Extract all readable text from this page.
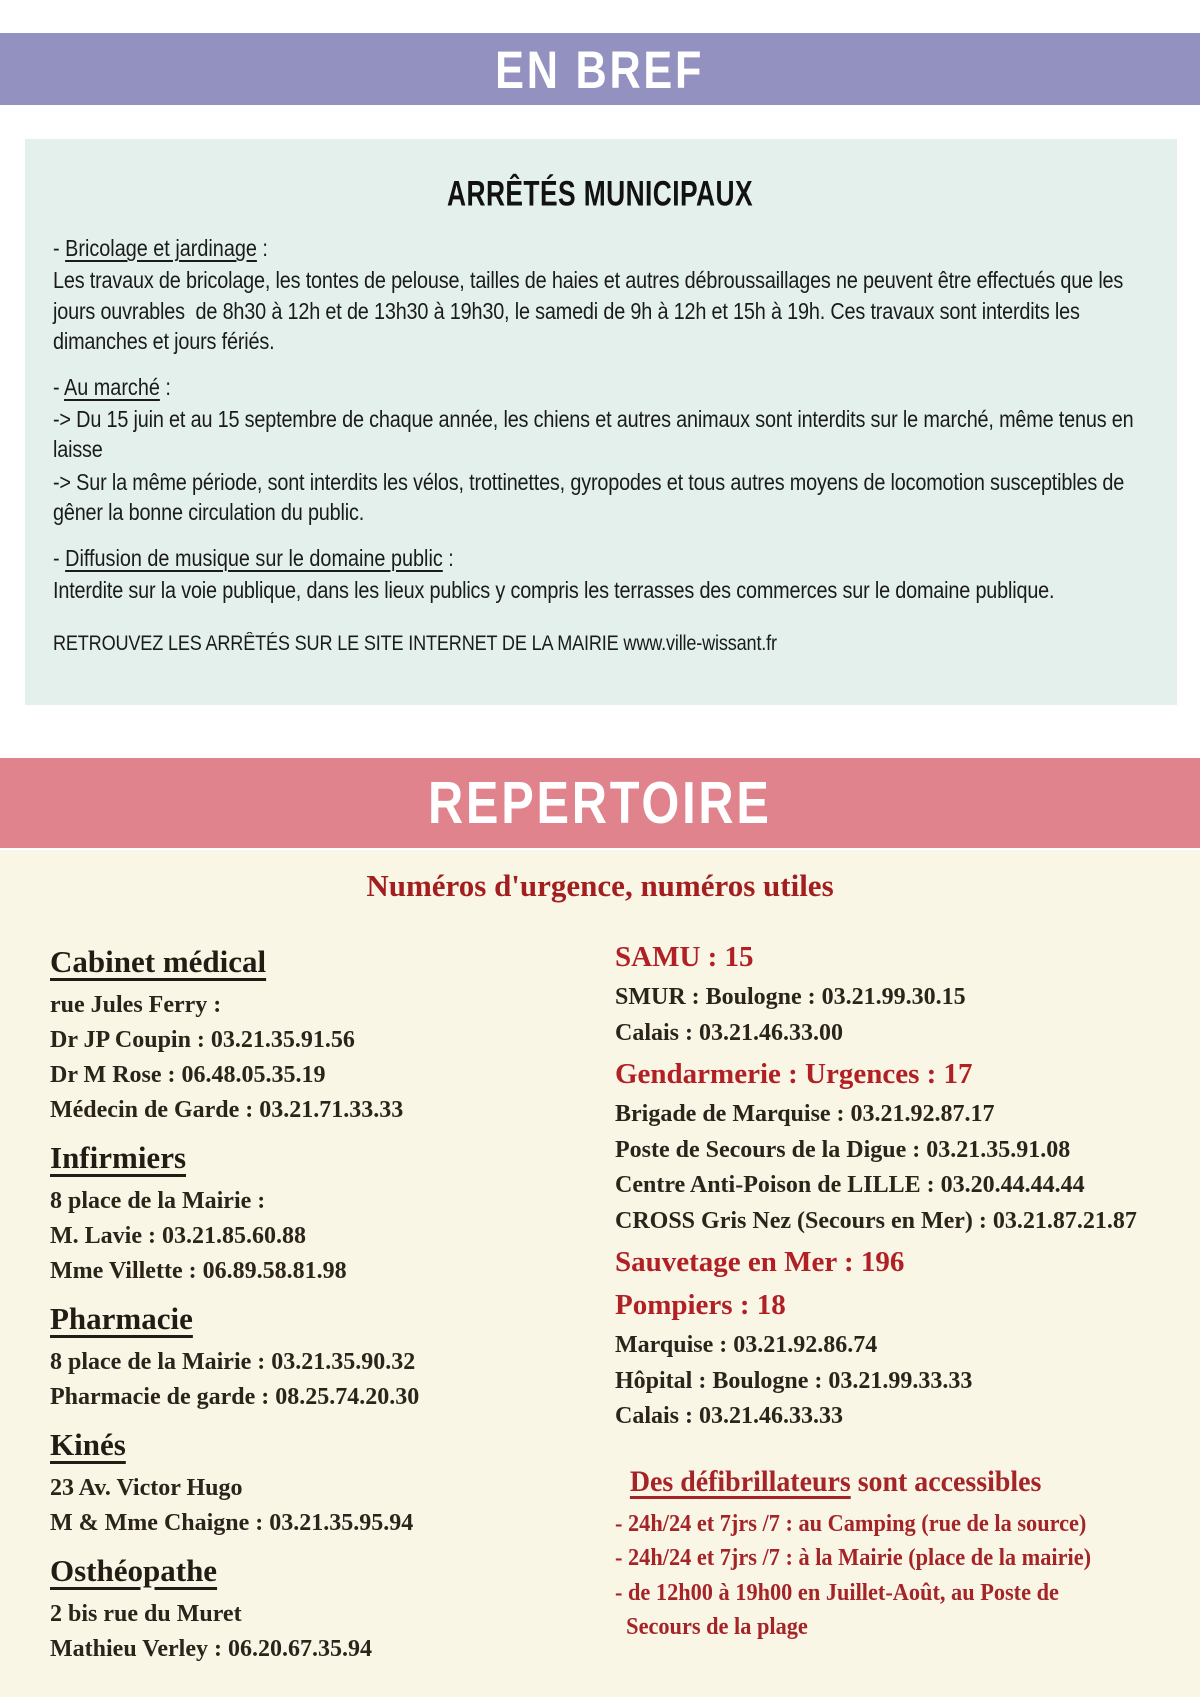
EN BREF
ARRÊTÉS MUNICIPAUX
- Bricolage et jardinage :

Les travaux de bricolage, les tontes de pelouse, tailles de haies et autres débroussaillages ne peuvent être effectués que les jours ouvrables  de 8h30 à 12h et de 13h30 à 19h30, le samedi de 9h à 12h et 15h à 19h. Ces travaux sont interdits les dimanches et jours fériés.

- Au marché :

-> Du 15 juin et au 15 septembre de chaque année, les chiens et autres animaux sont interdits sur le marché, même tenus en laisse

-> Sur la même période, sont interdits les vélos, trottinettes, gyropodes et tous autres moyens de locomotion susceptibles de gêner la bonne circulation du public.

- Diffusion de musique sur le domaine public :

Interdite sur la voie publique, dans les lieux publics y compris les terrasses des commerces sur le domaine publique.

RETROUVEZ LES ARRÊTÉS SUR LE SITE INTERNET DE LA MAIRIE www.ville-wissant.fr
REPERTOIRE
Numéros d'urgence, numéros utiles
Cabinet médical
rue Jules Ferry :
Dr JP Coupin : 03.21.35.91.56
Dr M Rose : 06.48.05.35.19
Médecin de Garde : 03.21.71.33.33
Infirmiers
8 place de la Mairie :
M. Lavie : 03.21.85.60.88
Mme Villette : 06.89.58.81.98
Pharmacie
8 place de la Mairie : 03.21.35.90.32
Pharmacie de garde : 08.25.74.20.30
Kinés
23 Av. Victor Hugo
M & Mme Chaigne : 03.21.35.95.94
Osthéopathe
2 bis rue du Muret
Mathieu Verley : 06.20.67.35.94
SAMU : 15
SMUR : Boulogne : 03.21.99.30.15
Calais : 03.21.46.33.00
Gendarmerie : Urgences : 17
Brigade de Marquise : 03.21.92.87.17
Poste de Secours de la Digue : 03.21.35.91.08
Centre Anti-Poison de LILLE : 03.20.44.44.44
CROSS Gris Nez (Secours en Mer) : 03.21.87.21.87
Sauvetage en Mer : 196
Pompiers : 18
Marquise : 03.21.92.86.74
Hôpital : Boulogne : 03.21.99.33.33
Calais : 03.21.46.33.33
Des défibrillateurs sont accessibles
- 24h/24 et 7jrs /7 : au Camping (rue de la source)
- 24h/24 et 7jrs /7 : à la Mairie (place de la mairie)
- de 12h00 à 19h00 en Juillet-Août, au Poste de
Secours de la plage
